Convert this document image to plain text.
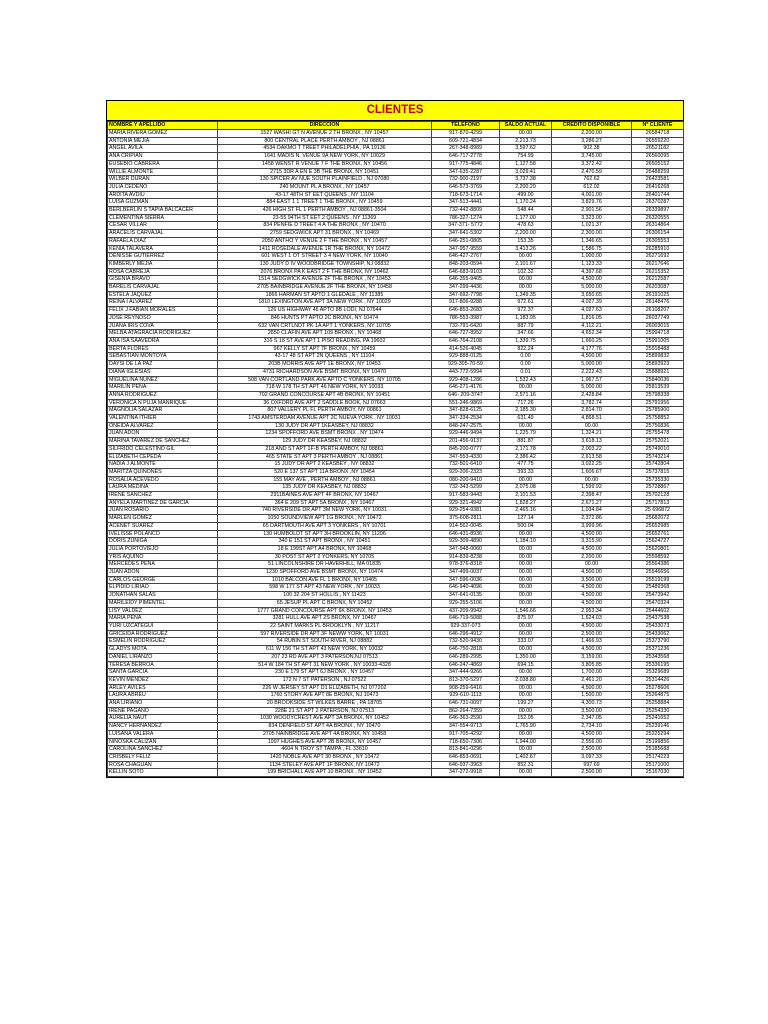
CLIENTES
NOMBRE Y APELLIDO	DIRECCIÓN	TELEFONO	SALDO ACTUAL	CREDITO DISPONIBLE	Nº CLIENTE
MARIA RIVERA GOMEZ	1527 WASHI GT N AVENUE 2 TH BRONX , NY 10457	917-870-4299	00.00	2,200.00	26584718
ANTONIA MEJIA	800 CENTRAL PLACE PERTH AMBOY , NJ 08861	609-721-4834	2,213.73	3,286.27	26559220
ANGEL AVILA	4534 OAKMO T TREET PHILADELPHIA , PA 19136	267-348-8989	3,597.62	902.38	26521182
ANA CRIPIAN	1641 MADIS N. VENUE 9A NEW YORK, NY 10029	646-717-2778	754.99	3,745.00	26560095
EUSEBIO CABRERA	1458 WENST R VENUE 7 F THE BRONX, NY 10456	917-775-4846	1,127.58	3,372.42	26505152
WILLIE ALMONTE	2715 3DR A EN E 3B THE BRONX, NY 10451	347-635-2287	3,029.41	2,470.59	26488259
WILBER DURAN	130 SPICER AV NUE SOUTH PLAINFIELD , NJ 07080	732-900-2197	3,737.38	762.62	26423581
JULIA CEDENO	240 MOUNT PL A BRONX , NY 10457	646-573-3769	2,200.29	612.02	26416268
ARDITA AVDIU	43-17 48TH ST EET QUEENS , NY 11104	718-673-1714	499.00	4,001.00	26401744
LUISA GUZMAN	884 EAST 1 1 TREET 1 THE BRONX , NY 10459	347-513-4441	1,170.24	3,829.76	26370287
BERLBERLIN S TAPIA BALCACER	426 HIGH ST FL 1 PERTH AMBOY , NJ 08861-3504	732-442-8809	548.44	2,901.56	26339897
CLEMENTINA SIERRA	23-55 94TH ST EET 2 QUEENS , NY 11369	786-327-1274	1,177.00	3,323.00	26320555
CESAR VILLAR	834 PENFIE D TREET 4 A THE BRONX , NY 10470	347-371- 5772	478.63	1,021.37	26314864
ARACELIS CARVAJAL	2759 SEDGWICK APT 31 BRONX , NY 10469	347-641-5302	2,200.00	2,300.00	26306154
RAFAELA DIAZ	2050 ANTHO Y VENUE 2 F THE BRONX , NY 10457	646-251-0805	153.35	1,346.65	26305553
KENIA TALAVERA	1411 ROSEDALE AVENUE 1R THE BRONX, NY 10472	347-957-9559	3,413.26	1,586.75	26285910
DENISSE GUTIERREZ	601 WEST 1 OT STREET 3 4 NEW YORK, NY 10040	646-427-2767	00.00	1,000.00	26271692
KIMBERLY MEJIA	130 JUDY D IV WOODBRIDGE TOWNSHIP, NJ 08832	848-203-0594	2,101.67	1,123.33	26217646
ROSA CABREJA	2076 BRONX PA K EAST 2 F THE BRONX, NY 10462	646-683-9103	102.32	4,397.68	26215352
GISENIA BRAVO	1514 SEDGWICK AVENUE 2F THE BRONX , NY 10453	646-355-9405	00.00	4,500.00	26212587
BARELIS CARVAJAL	2705 BAINBRIDGE AVENUE 2F THE BRONX, NY 10458	347-299-4436	00.00	5,000.00	26203087
ESTELA JAQUEZ	1866 HARMAN ST APTO 1 GLEDALE , NY 11385	347-692-7798	1,349.35	3,650.65	26191025
REINA I ALVAREZ	1810 LEXINGTON AVE APT 3A NEW YORK , NY 10029	917-806-9288	972.61	4,027.39	26148476
FELIX J FABIAN MORALES	126 US HIGHWAY 46 APTO 8B LODI, NJ 07644	646-853-2683	972.37	4,027.63	26108207
JOSE REYNOSO	846 HUNTS PT APTO 2C BRONX, NY 10474	786-553-3987	1,183.95	1,816.05	26037749
JUANA IRIS COVA	632 VAN CRTLNDT PK 1A APT 1 YONKERS, NY 10705	732-791-6420	887.79	4,112.21	26003015
MELBA ATAGRACIA RODRIGUEZ	2850 CLAFIN AVE APT 109 BRONX , NY 10468	646-727-8952	347.66	4,652.34	25994718
ANA ISA SAAVEDRA	316 S 18 ST AVE APT 1 PISO READING, PA 19602	646-764-2108	1,339.75	1,660.25	25991005
BERTA FLORES	967 KELLY ST APT 7F BRONX , NY 10459	414-526-4045	822.24	4,177.76	25918488
SEBASTIAN MONTOYA	43-17 48 ST APT 2N QUEENS , NY 11104	929-888-0125	0.00	4,500.00	25899832
DAYSI DE LA PAZ	203B MORRIS AVE APT 1E BRONX, NY 10453	929-305-70-59	0.00	5,000.00	25893923
DIANA IGLESIAS	4731 RICHARDSON AVE BSMT BRONX, NY 10470	443-772-5994	0.01	2,222.43	25888921
MIGUELINA NUÑEZ	508 VAN CORTLAND PARK AVE APTO C YONKERS, NY 10705	929-408-1286	1,532.43	1,967.57	25840036
MARILIN PEÑA	718 W 178 TH ST APT 46 NEW YORK, NY 10033	646-271-4176	00.00	5,000.00	25813539
ANNA RODRIGUEZ	702 GRAND CONCOURSE APT 4B BRONX, NY 10451	646- 209-3747	2,571.16	2,428.84	25798338
VERONICA N PUJA MANRIQUE	36 OXFORD AVE APT 2 SADDLE BOOK, NJ 07663	551-246-9869	717.26	3,782.74	25791956
MAGNOLIA SALAZAR	807 VALLERY PL FL PERTH AMBOY, NY 00861	347-828-6125	2,185.30	2,814.70	25785900
VALENTINA ITHIER	1743 AMSTERDAM AVENUE APT 2C NUEVA YORK , NY 10031	347-334-2534	631.49	4,868.51	25758852
ONEIDA ALVAREZ	130 JUDY DR APT 1KEASBEY, NJ 08832	848-247-2575	00.00	00.00	25756836
JUAN ADON	1234 SPOFFORD AVE BSMT BRONX , NY 10474	929-446-9494	1,225.79	1,324.21	25755478
MARINA TAVAREZ DE SANCHEZ	129 JUDY DR KEASBEY, NJ 08832	201-456-9137	881.87	3,618.13	25752021
SILFRIDO CELESTINO GIL	218 AND ST APT 1F-B PERTH AMBOY, NJ 08861	845-200-0777	2,171.78	2,003.22	25749010
ELIZABETH CEPEDA	465 STATE ST APT 3 PERTH AMBOY , NJ 08861	347-553-4330	2,386.42	2,613.58	25743214
NADIA J ALMONTE	15 JUDY DR APT 2 KEASBEY , NY 08832	732-501-6410	477.75	3,022.25	25742804
MARITZA QUIÑONES	520 E 137 ST APT 11A BRONX ,NY 10454	929-206-2323	393.33	1,606.67	25737815
ROSALIA ACEVEDO	155 MAY AVE , PERTH AMBOY , NJ 08861	080-200-9410	00.00	00.00	25735330
LAURA MEDINA	135 JUDY DR KEASBEY, NJ 08832	732-343-5299	2,075.08	1,599.92	25728867
IRENE SANCHEZ	2911BAINES AVE APT 4F BRONX, NY 10467	917-583-9443	2,101.53	2,398.47	25702128
ANYELA MARTINEZ DE GARCIA	364 E 209 ST APT 5A BRONX , NY 10467	929-321-4942	1,828.27	2,671.27	25717813
JUAN ROSARIO	740 RIVERSIDE DR APT 3M NEW YORK, NY 10031	929-254-9381	2,465.16	1,034.84	25 696872
MARLEN GOMEZ	1050 SOUNDVIEW APT 1G BRONX , NY 10472	375-608-2811	127.14	2,372.86	25682072
ACENET SUAREZ	65 DARTMOUTH AVE APT 3 YONKERS , NY 10701	914-562-0045	500.04	3,999.96	25652985
IVELISSE POLANCO	130 HUMBOLDT ST APT 3H BROOKLIN, NY 11206	646-431-8936	00.00	4,500.00	25652761
DORIS ZUNIGA	340 E 151 ST APT BRONX , NY 10451	929-309-4890	1,184.10	3,315.90	25624727
JULIA PORTOVIEJO	18 E 199ST APT A4 BRONX, NY 10468	347-948-0060	00.00	4,500.00	25620801
YRIS AQUINO	30 POST ST APT 2 YONKERS, NY 10705	914-839-8238	00.00	2,200.00	25598592
MERCEDES PEÑA	51 LINCOLNSHIRE DR HAVERHILL, MA 01835	978-376-8318	00.00	00.00	25564386
JUAN ADON	1230 SPOFFORD AVE BSMT BRONX, NY 10474	347-499-0037	00.00	4,500.00	25546656
CARLOS GEORGE	1010 BALCON AVE FL 1 BRONX, NY 10465	347-596-0036	00.00	3,500.00	25519199
ELPIDIO LIRIAO	598 W 177 ST APT 43 NEW YORK , NY 10033	646-940-4096	00.00	4,500.00	25489368
JONATHAN SALAS	100 32 204 ST HOLLIS , NY 11423	347-641-0135	00.00	4,500.00	25473942
MARILEIDY PIMENTEL	65 JESUP PL APT C BRONX, NY 10452	929-255-5106	00.00	4,500.00	25470324
LISY VALDEZ	1777 GRAND CONCOURSE APT 6K BRONX, NY 10453	437-209-9942	1,546.66	2,953.34	25444602
MARIA PEÑA	3281 HULL AVE APT 2S BRONX, NY 10467	646-719-5088	875.97	1,624.03	25437538
YURI UZCATEGUI	22 SAINT MARKS PL BROOKLYN , NY 11217	929-337-073	00.00	4,500.00	25433073
GRICEIDA RODRIGUEZ	597 RIVERSIDE DR APT 3F NEWW YORK, NT 10031	646-296-4912	00.00	2,500.00	25433062
ESMELIN RODRIGUEZ	54 RUBIN ST SOUTH RIVER, NJ 08882	732-520-9430	333.07	1,466.93	25373790
GLADYS MOTA	611 W 156 TH ST APT 43 NEW YORK, NY 10032	646-750-2818	00.00	4,500.00	25371236
DANIEL LIRANZO	207 23 RD AVE APT 3 PATERSON,NJ 07513	646-289-2995	1,350.00	3,159.00	25343568
TERESA BERROA	514 W 184 TH ST APT 31 NEW YORK , NY 10033-4328	646-247-4869	694.15	3,805.85	25336195
SANTA GARCIA	230 E 179 ST APT 6J BRONX , NY 10457	347-444-9266	00.00	1,700.00	25329689
KEVIN MENDEZ	172 N 7 ST PATERSON , NJ 07522	813-370-5297	2,038.80	2,461.20	25314426
ARLEY AVILES	226 W JERSEY ST APT D1 ELIZABETH, NJ 077202	908-259-6416	00.00	4,500.00	25278606
LAURA ABREU	1760 STORY AVE APT 8E BRONX, NJ 10473	929-610-1113	00.00	1,500.00	25264875
ANA LIRIANO	20 BROOKSIDE ST WILKES BARRE , PA 18705	646-731-0097	199.27	4,300.73	25258884
IRENE PAGANO	228E 21 ST APT 2 PATERSON, NJ 07513	862-264-7359	00.00	3,500.00	25254330
AURELIA NAUT	1030 WOODYCREST AVE APT 3A BRONX, NY 10452	646-363-2590	152.95	2,347.05	25241652
NANCY HERNANDEZ	834 DENFIELD ST APT 4A BRONX , NY 10470	347-554-9713	1,765.90	2,734.10	25239146
LUISANA VALERA	2705 NAINBRIDGE AVE APT 4A BRONX, NY 10458	917-705-4292	00.00	4,500.00	25225294
NINOSKA CALIZAN	1997 HUGHES AVE APT 2B BRONX, NY 10457	718-650-7306	1,944.00	2,556.00	25199856
CAROLINA SANCHEZ	4604 N TROY ST TAMPA , FL 33610	813-841-0296	00.00	2,500.00	25185688
CRISBELY FELIZ	1420 NOBLE AVE APT 30 BRONX , NY 10472	646-853-0691	1,402.67	3,097.33	25174223
ROSA CHAGUAN	1134 STELEY AVE APT 1F BRONX, NY 10472	646-937-3963	852.31	997.69	25171000
KELLIN SOTO	199 BRICHALL AVE APT 10 BRONX , NY 10452	347-272-9918	00.00	2,500.00	25167030
